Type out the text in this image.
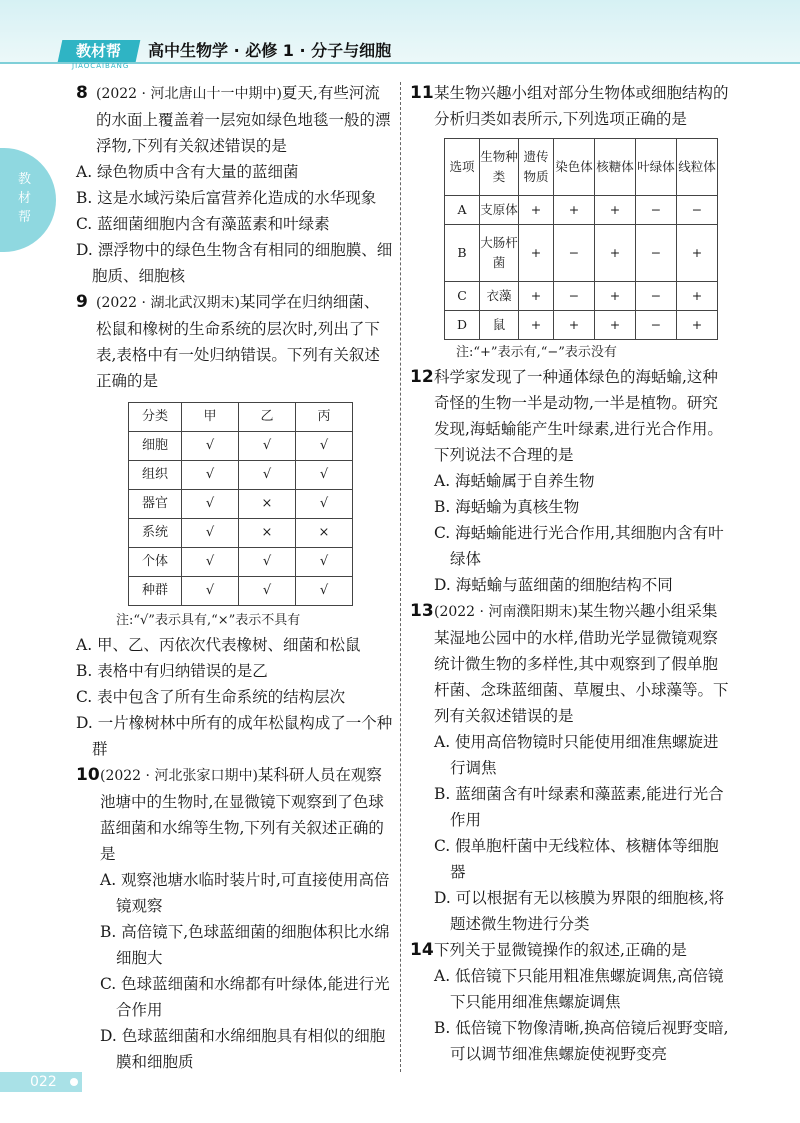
教材帮
JIAOCAIBANG
高中生物学 · 必修 1 · 分子与细胞
教材帮
022

8 (2022 · 河北唐山十一中期中)夏天,有些河流的水面上覆盖着一层宛如绿色地毯一般的漂浮物,下列有关叙述错误的是

A. 绿色物质中含有大量的蓝细菌

B. 这是水域污染后富营养化造成的水华现象

C. 蓝细菌细胞内含有藻蓝素和叶绿素

D. 漂浮物中的绿色生物含有相同的细胞膜、细胞质、细胞核

9 (2022 · 湖北武汉期末)某同学在归纳细菌、松鼠和橡树的生命系统的层次时,列出了下表,表格中有一处归纳错误。下列有关叙述正确的是

分类	甲	乙	丙
细胞	√	√	√
组织	√	√	√
器官	√	×	√
系统	√	×	×
个体	√	√	√
种群	√	√	√

注:“√”表示具有,“×”表示不具有

A. 甲、乙、丙依次代表橡树、细菌和松鼠

B. 表格中有归纳错误的是乙

C. 表中包含了所有生命系统的结构层次

D. 一片橡树林中所有的成年松鼠构成了一个种群

10(2022 · 河北张家口期中)某科研人员在观察池塘中的生物时,在显微镜下观察到了色球蓝细菌和水绵等生物,下列有关叙述正确的是

A. 观察池塘水临时装片时,可直接使用高倍镜观察

B. 高倍镜下,色球蓝细菌的细胞体积比水绵细胞大

C. 色球蓝细菌和水绵都有叶绿体,能进行光合作用

D. 色球蓝细菌和水绵细胞具有相似的细胞膜和细胞质

11某生物兴趣小组对部分生物体或细胞结构的分析归类如表所示,下列选项正确的是

选项	生物种类	遗传物质	染色体	核糖体	叶绿体	线粒体
A	支原体	+	+	+	−	−
B	大肠杆菌	+	−	+	−	+
C	衣藻	+	−	+	−	+
D	鼠	+	+	+	−	+

注:“+”表示有,“−”表示没有

12科学家发现了一种通体绿色的海蛞蝓,这种奇怪的生物一半是动物,一半是植物。研究发现,海蛞蝓能产生叶绿素,进行光合作用。下列说法不合理的是

A. 海蛞蝓属于自养生物

B. 海蛞蝓为真核生物

C. 海蛞蝓能进行光合作用,其细胞内含有叶绿体

D. 海蛞蝓与蓝细菌的细胞结构不同

13(2022 · 河南濮阳期末)某生物兴趣小组采集某湿地公园中的水样,借助光学显微镜观察统计微生物的多样性,其中观察到了假单胞杆菌、念珠蓝细菌、草履虫、小球藻等。下列有关叙述错误的是

A. 使用高倍物镜时只能使用细准焦螺旋进行调焦

B. 蓝细菌含有叶绿素和藻蓝素,能进行光合作用

C. 假单胞杆菌中无线粒体、核糖体等细胞器

D. 可以根据有无以核膜为界限的细胞核,将题述微生物进行分类

14下列关于显微镜操作的叙述,正确的是

A. 低倍镜下只能用粗准焦螺旋调焦,高倍镜下只能用细准焦螺旋调焦

B. 低倍镜下物像清晰,换高倍镜后视野变暗,可以调节细准焦螺旋使视野变亮
